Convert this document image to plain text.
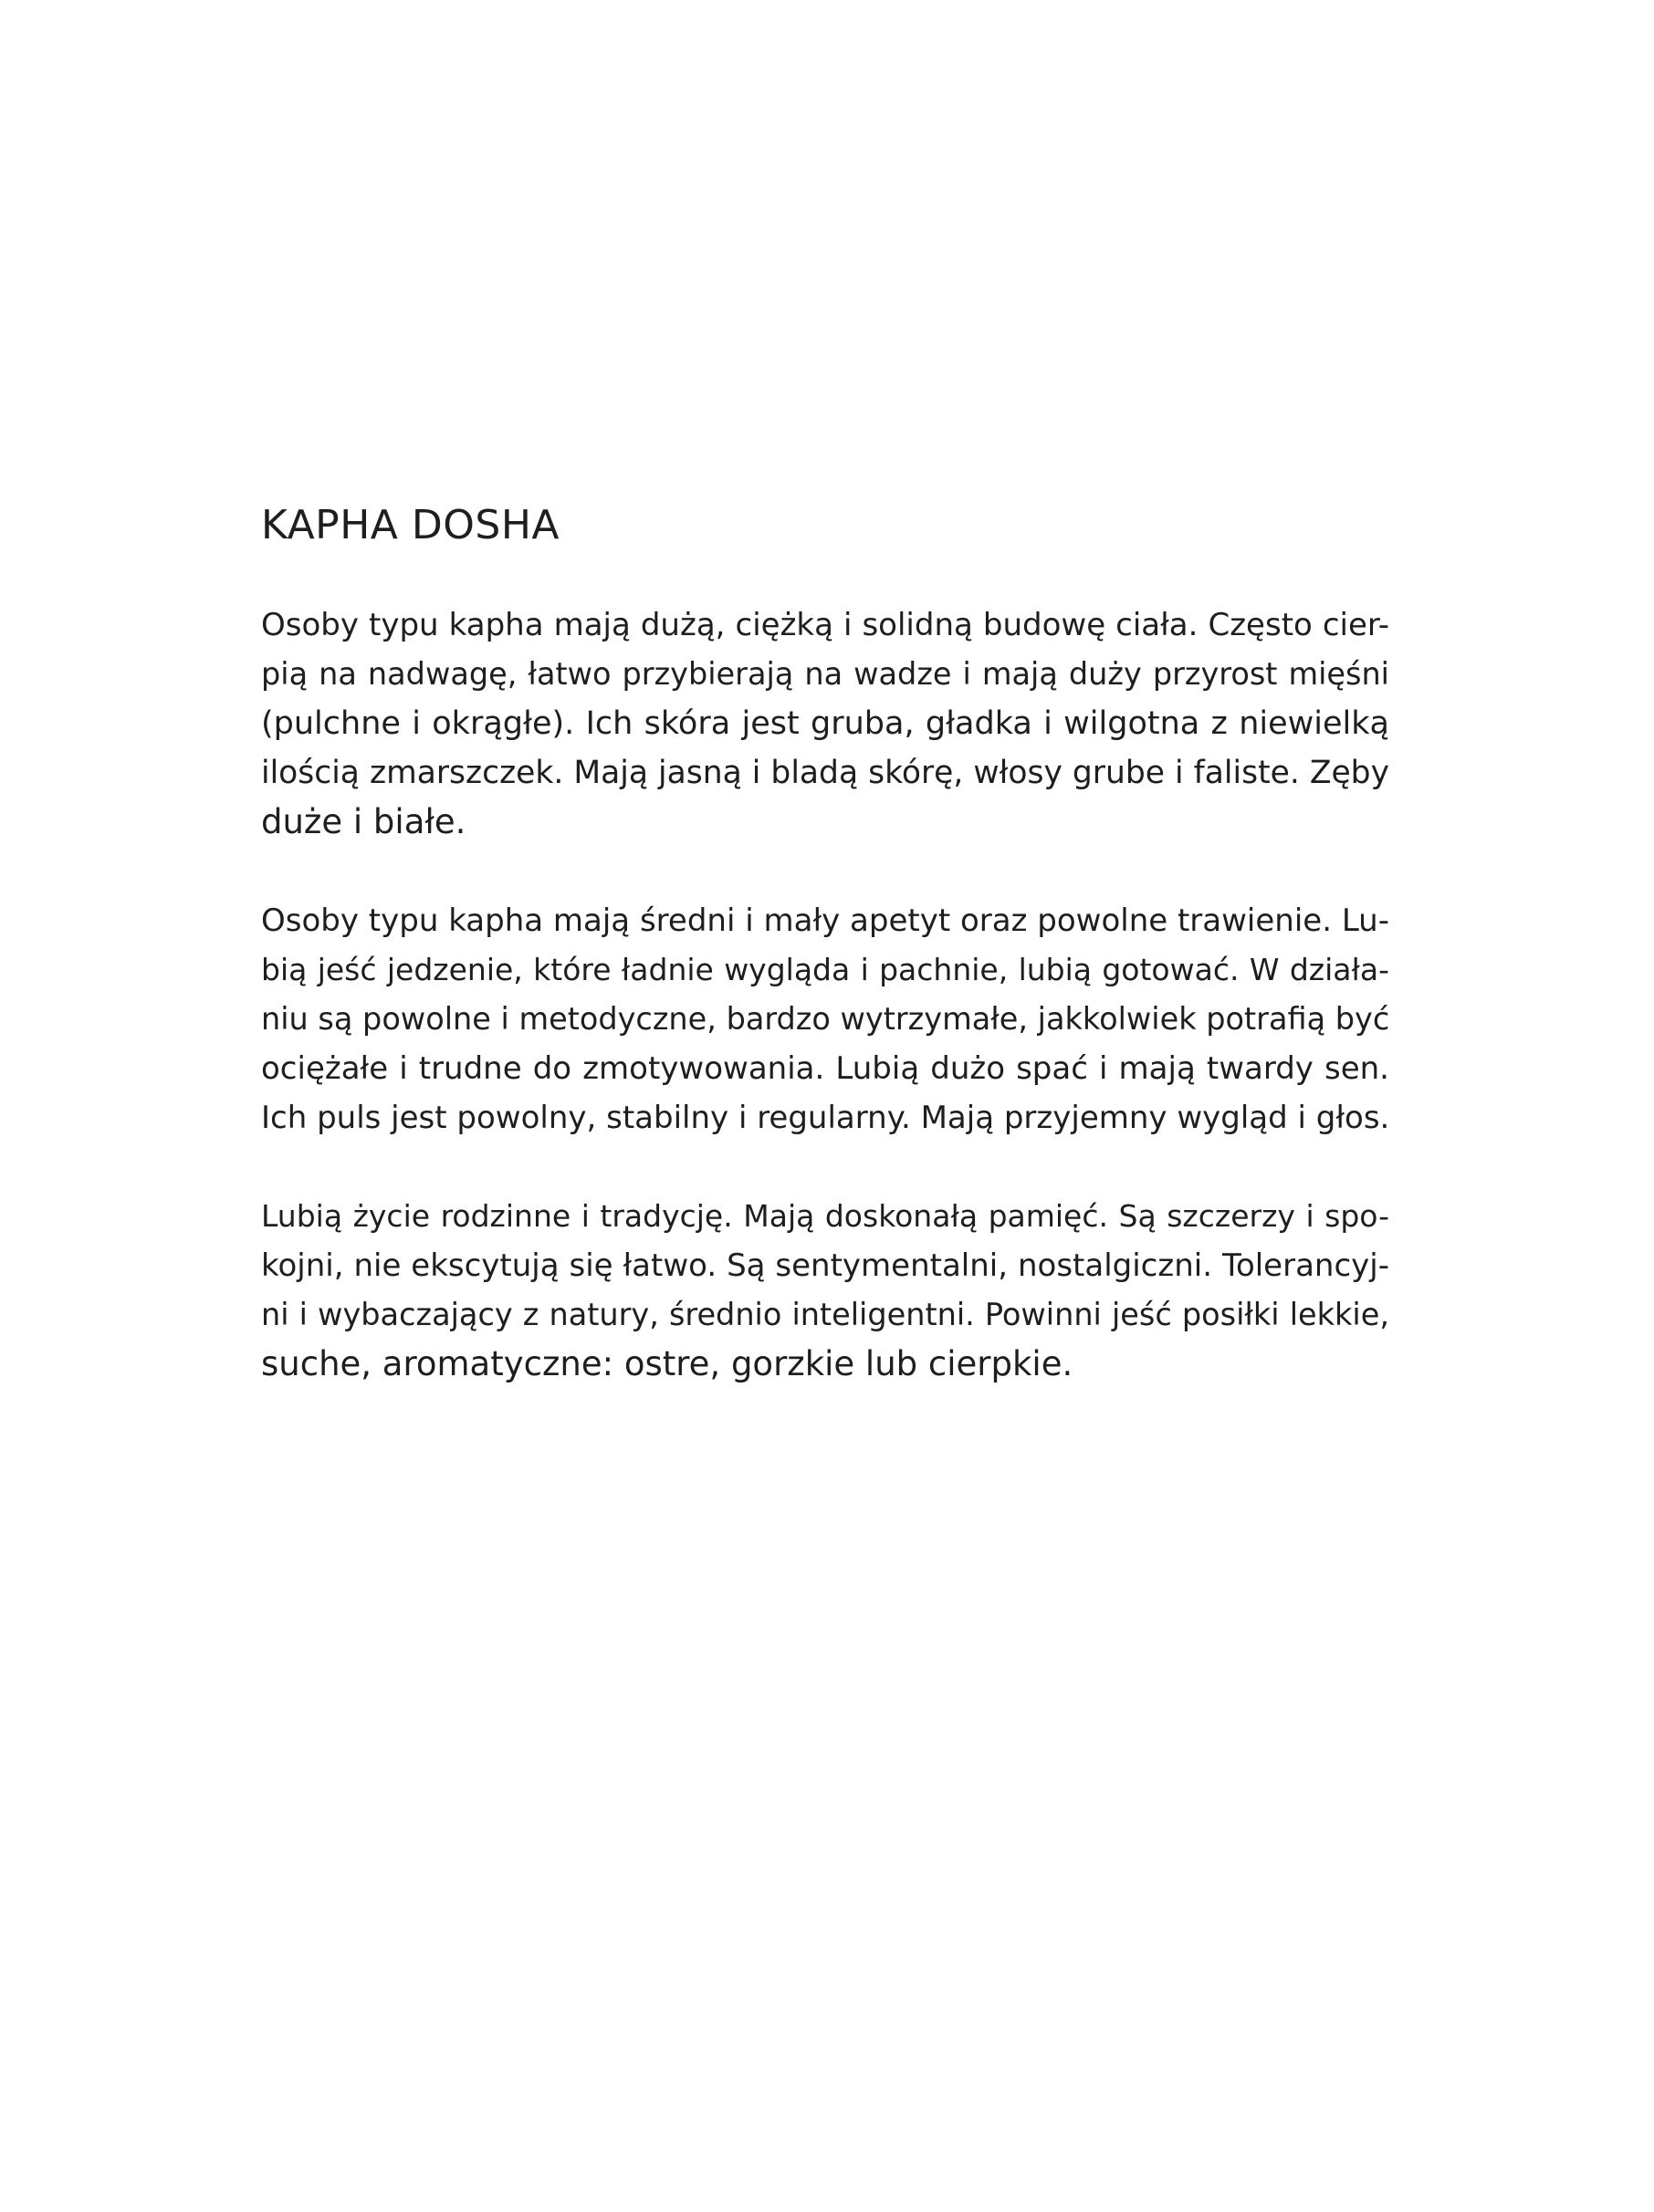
KAPHA DOSHA
Osoby typu kapha mają dużą, ciężką i solidną budowę ciała. Często cier-
pią na nadwagę, łatwo przybierają na wadze i mają duży przyrost mięśni
(pulchne i okrągłe). Ich skóra jest gruba, gładka i wilgotna z niewielką
ilością zmarszczek. Mają jasną i bladą skórę, włosy grube i faliste. Zęby
duże i białe.
Osoby typu kapha mają średni i mały apetyt oraz powolne trawienie. Lu-
bią jeść jedzenie, które ładnie wygląda i pachnie, lubią gotować. W działa-
niu są powolne i metodyczne, bardzo wytrzymałe, jakkolwiek potrafią być
ociężałe i trudne do zmotywowania. Lubią dużo spać i mają twardy sen.
Ich puls jest powolny, stabilny i regularny. Mają przyjemny wygląd i głos.
Lubią życie rodzinne i tradycję. Mają doskonałą pamięć. Są szczerzy i spo-
kojni, nie ekscytują się łatwo. Są sentymentalni, nostalgiczni. Tolerancyj-
ni i wybaczający z natury, średnio inteligentni. Powinni jeść posiłki lekkie,
suche, aromatyczne: ostre, gorzkie lub cierpkie.
